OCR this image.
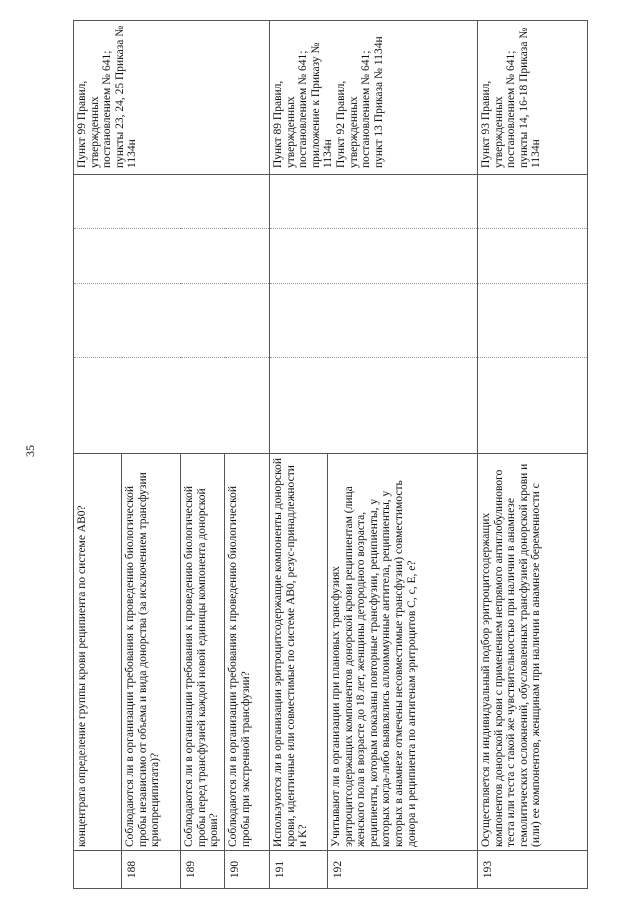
35
	концентрата определение группы крови реципиента по системе AB0?					Пункт 99 Правил, утвержденных постановлением № 641; пункты 23, 24, 25 Приказа № 1134н

188	Соблюдаются ли в организации требования к проведению биологической пробы независимо от объема и вида донорства (за исключением трансфузии криопреципитата)?					
189	Соблюдаются ли в организации требования к проведению биологической пробы перед трансфузией каждой новой единицы компонента донорской крови?					
190	Соблюдаются ли в организации требования к проведению биологической пробы при экстренной трансфузии?					
191	Используются ли в организации эритроцитсодержащие компоненты донорской крови, идентичные или совместимые по системе AB0, резус-принадлежности и K?					Пункт 89 Правил, утвержденных постановлением № 641; приложение к Приказу № 1134н Пункт 92 Правил, утвержденных постановлением № 641; пункт 13 Приказа № 1134н

192	Учитывают ли в организации при плановых трансфузиях эритроцитсодержащих компонентов донорской крови реципиентам (лица женского пола в возрасте до 18 лет, женщины детородного возраста, реципиенты, которым показаны повторные трансфузии, реципиенты, у которых когда-либо выявлялись аллоиммунные антитела, реципиенты, у которых в анамнезе отмечены несовместимые трансфузии) совместимость донора и реципиента по антигенам эритроцитов C, c, E, e?					
193	Осуществляется ли индивидуальный подбор эритроцитсодержащих компонентов донорской крови с применением непрямого антиглобулинового теста или теста с такой же чувствительностью при наличии в анамнезе гемолитических осложнений, обусловленных трансфузией донорской крови и (или) ее компонентов, женщинам при наличии в анамнезе беременности с					Пункт 93 Правил, утвержденных постановлением № 641; пункты 14, 16-18 Приказа № 1134н
